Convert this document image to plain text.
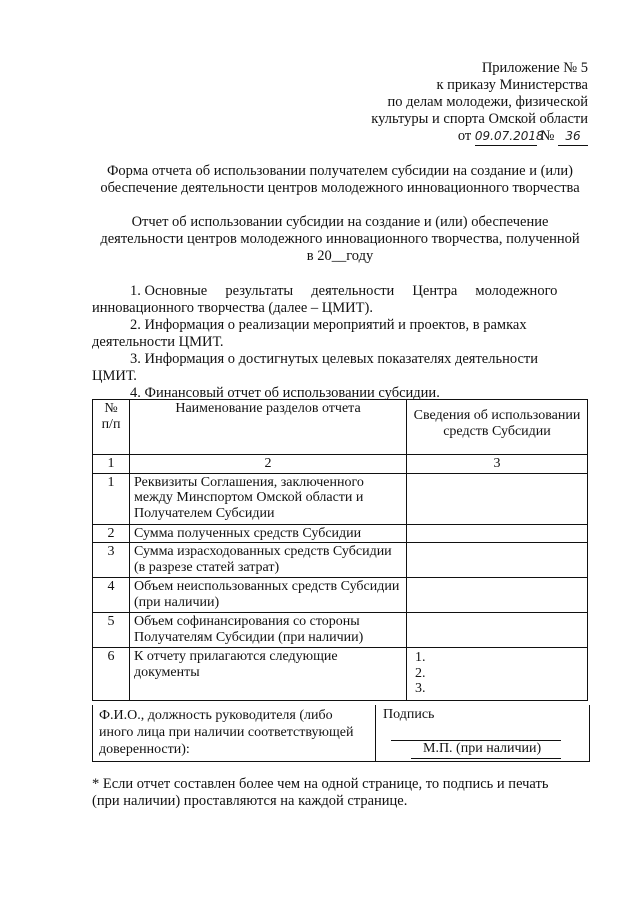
Приложение № 5
к приказу Министерства
по делам молодежи, физической
культуры и спорта Омской области
от 09.07.2018 № 36
Форма отчета об использовании получателем субсидии на создание и (или)
обеспечение деятельности центров молодежного инновационного творчества
Отчет об использовании субсидии на создание и (или) обеспечение
деятельности центров молодежного инновационного творчества, полученной
в 20__году
1. Основные     результаты     деятельности     Центра     молодежного
инновационного творчества (далее – ЦМИТ).
2. Информация о реализации мероприятий и проектов, в рамках
деятельности ЦМИТ.
3. Информация о достигнутых целевых показателях деятельности
ЦМИТ.
4. Финансовый отчет об использовании субсидии.
№ п/п	Наименование разделов отчета	Сведения об использовании средств Субсидии
1	2	3
1	Реквизиты Соглашения, заключенного между Минспортом Омской области и Получателем Субсидии	
2	Сумма полученных средств Субсидии	
3	Сумма израсходованных средств Субсидии (в разрезе статей затрат)	
4	Объем неиспользованных средств Субсидии (при наличии)	
5	Объем софинансирования со стороны Получателям Субсидии (при наличии)	
6	К отчету прилагаются следующие документы	1.
2.
3.
Ф.И.О., должность руководителя (либо иного лица при наличии соответствующей доверенности):
Подпись
М.П. (при наличии)
* Если отчет составлен более чем на одной странице, то подпись и печать
(при наличии) проставляются на каждой странице.
